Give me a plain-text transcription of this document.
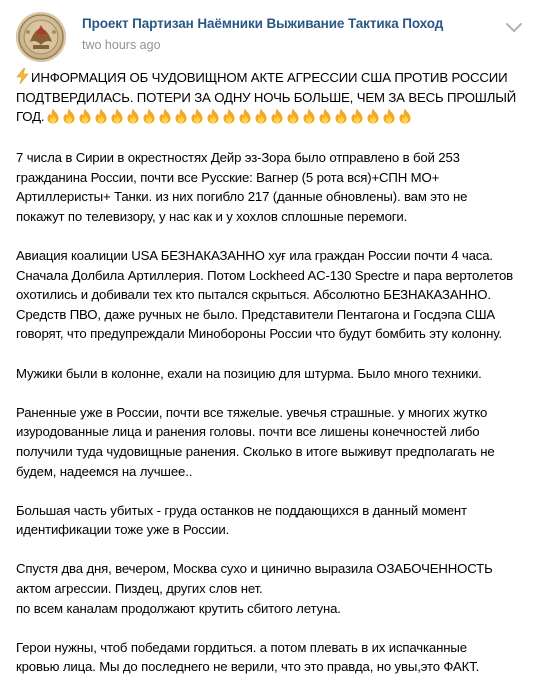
Проект Партизан Наёмники Выживание Тактика Поход
two hours ago
ИНФОРМАЦИЯ ОБ ЧУДОВИЩНОМ АКТЕ АГРЕССИИ США ПРОТИВ РОССИИ
ПОДТВЕРДИЛАСЬ. ПОТЕРИ ЗА ОДНУ НОЧЬ БОЛЬШЕ, ЧЕМ ЗА ВЕСЬ ПРОШЛЫЙ
ГОД.
7 числа в Сирии в окрестностях Дейр эз-Зора было отправлено в бой 253
гражданина России, почти все Русские: Вагнер (5 рота вся)+СПН МО+
Артиллеристы+ Танки. из них погибло 217 (данные обновлены). вам это не
покажут по телевизору, у нас как и у хохлов сплошные перемоги.
Авиация коалиции USA БЕЗНАКАЗАННО хуғ ила граждан России почти 4 часа.
Сначала Долбила Артиллерия. Потом Lockheed AC-130 Spectre и пара вертолетов
охотились и добивали тех кто пытался скрыться. Абсолютно БЕЗНАКАЗАННО.
Средств ПВО, даже ручных не было. Представители Пентагона и Госдэпа США
говорят, что предупреждали Минобороны России что будут бомбить эту колонну.
Мужики были в колонне, ехали на позицию для штурма. Было много техники.
Раненные уже в России, почти все тяжелые. увечья страшные. у многих жутко
изуродованные лица и ранения головы. почти все лишены конечностей либо
получили туда чудовищные ранения. Сколько в итоге выживут предполагать не
будем, надеемся на лучшее..
Большая часть убитых - груда останков не поддающихся в данный момент
идентификации тоже уже в России.
Спустя два дня, вечером, Москва сухо и цинично выразила ОЗАБОЧЕННОСТЬ
актом агрессии. Пиздец, других слов нет.
по всем каналам продолжают крутить сбитого летуна.
Герои нужны, чтоб победами гордиться. а потом плевать в их испачканные
кровью лица. Мы до последнего не верили, что это правда, но увы,это ФАКТ.
